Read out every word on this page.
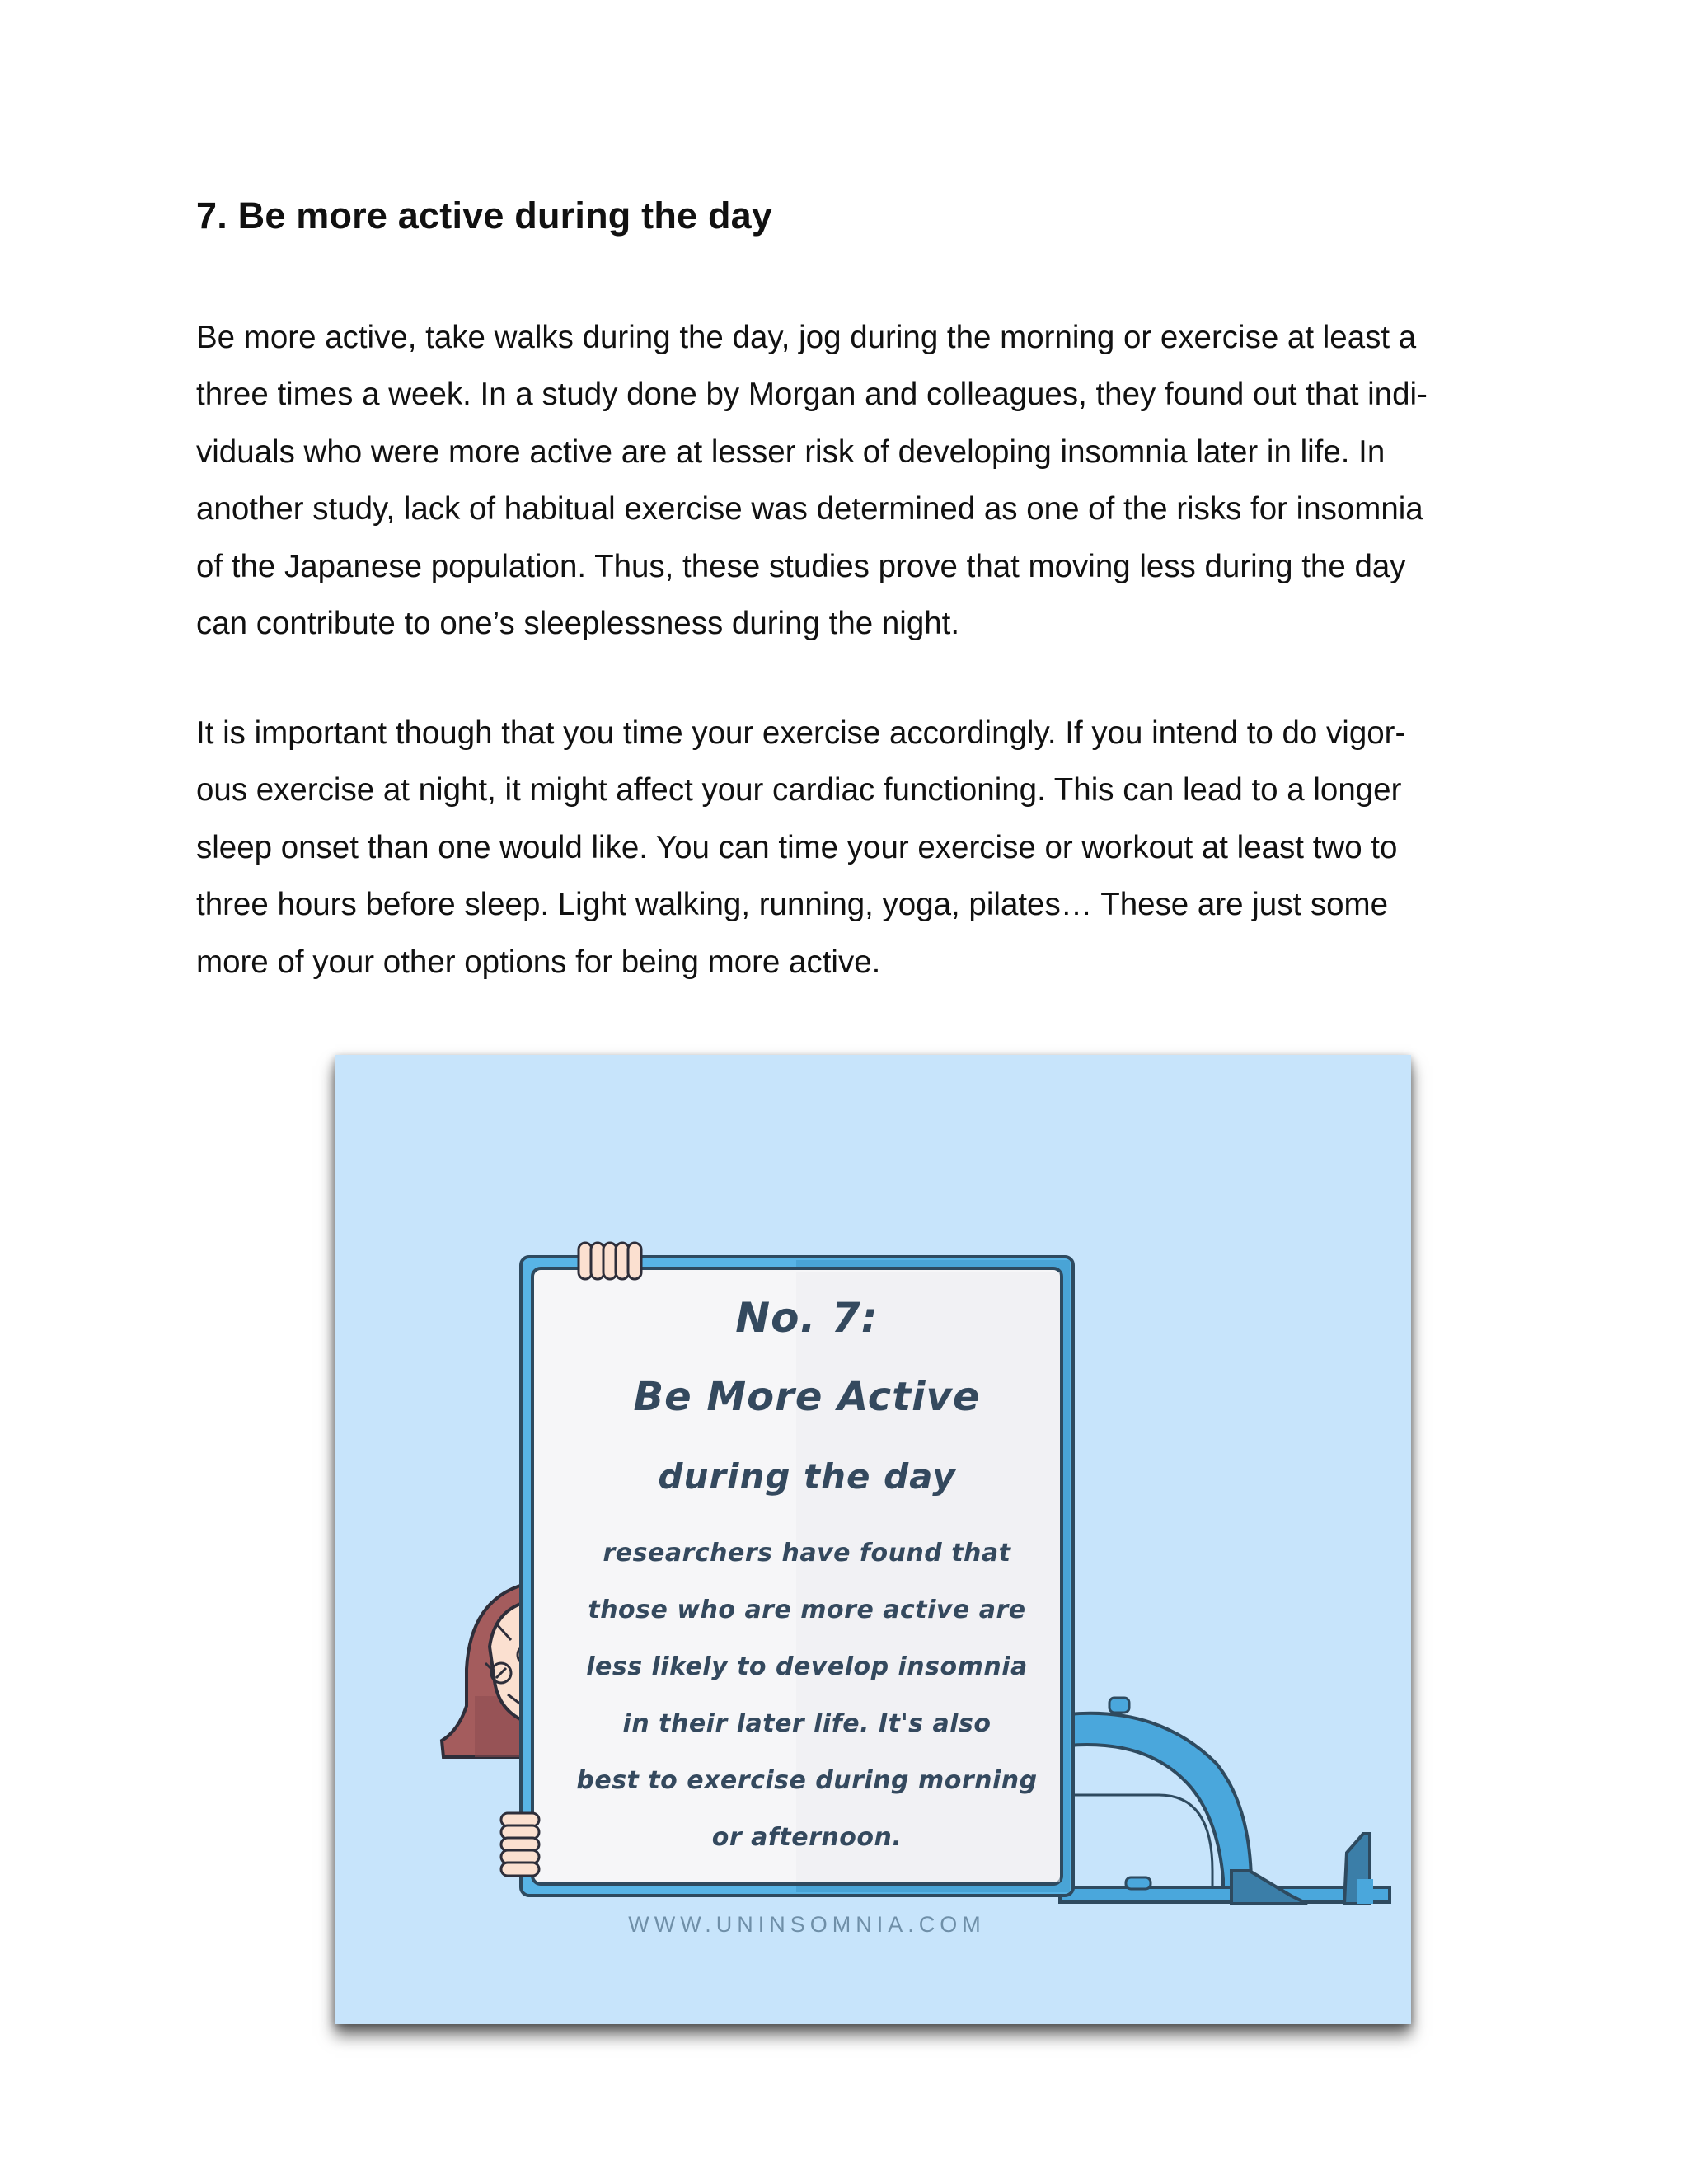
7. Be more active during the day

Be more active, take walks during the day, jog during the morning or exercise at least a
three times a week. In a study done by Morgan and colleagues, they found out that indi-
viduals who were more active are at lesser risk of developing insomnia later in life. In
another study, lack of habitual exercise was determined as one of the risks for insomnia
of the Japanese population. Thus, these studies prove that moving less during the day
can contribute to one’s sleeplessness during the night.

It is important though that you time your exercise accordingly. If you intend to do vigor-
ous exercise at night, it might affect your cardiac functioning. This can lead to a longer
sleep onset than one would like. You can time your exercise or workout at least two to
three hours before sleep. Light walking, running, yoga, pilates… These are just some
more of your other options for being more active.

No. 7:
Be More Active
during the day
researchers have found that
those who are more active are
less likely to develop insomnia
in their later life. It's also
best to exercise during morning
or afternoon.
WWW.UNINSOMNIA.COM
